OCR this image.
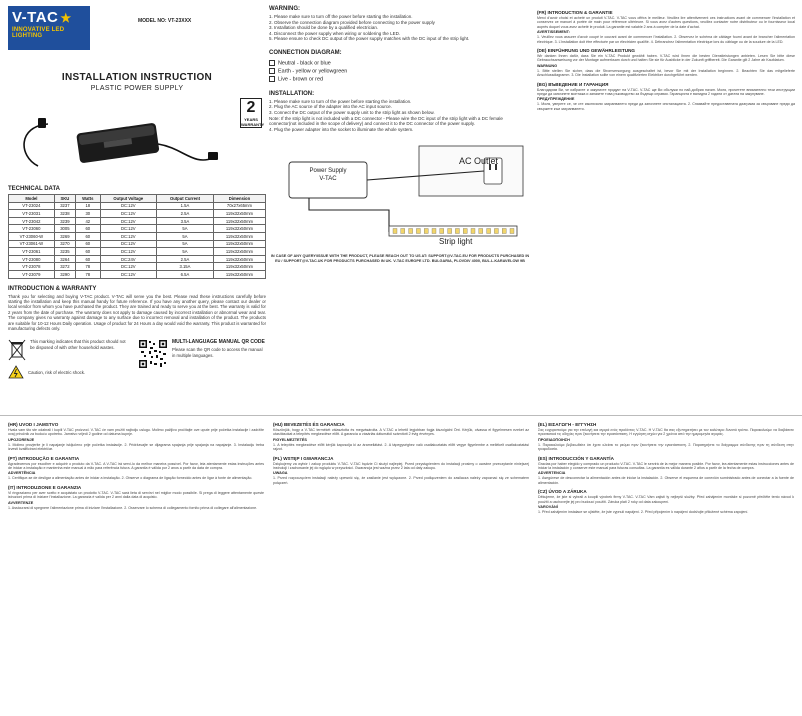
V-TAC ★
INNOVATIVE LED LIGHTING
MODEL NO: VT-23XXX
INSTALLATION INSTRUCTION
PLASTIC POWER SUPPLY
2
YEARS WARRANTY
TECHNICAL DATA
Model	SKU	Watts	Output Voltage	Output Current	Dimension
VT-23024	3237	18	DC:12V	1.5A	70x27x65mm
VT-23031	3238	30	DC:12V	2.5A	119x32x50mm
VT-23042	3239	42	DC:12V	3.5A	119x32x50mm
VT-23060	3005	60	DC:12V	5A	119x32x50mm
VT-23060-W	3269	60	DC:12V	5A	119x32x50mm
VT-23061-W	3270	60	DC:12V	5A	119x32x50mm
VT-23061	3235	60	DC:12V	5A	119x32x50mm
VT-23080	3264	60	DC:24V	2.5A	119x32x50mm
VT-23078	3272	78	DC:12V	3.15A	119x32x50mm
VT-23079	3290	78	DC:12V	6.5A	119x32x50mm
INTRODUCTION & WARRANTY
Thank you for selecting and buying V-TAC product. V-TAC will serve you the best. Please read these instructions carefully before starting the installation and keep this manual handy for future reference. If you have any another query, please contact our dealer or local vendor from whom you have purchased the product. They are trained and ready to serve you at the best. The warranty is valid for 2 years from the date of purchase. The warranty does not apply to damage caused by incorrect installation or abnormal wear and tear. The company gives no warranty against damage to any surface due to incorrect removal and installation of the product. The products are suitable for 10-12 Hours Daily operation. Usage of product for 24 Hours a day would void the warranty. This product is warranted for manufacturing defects only.
This marking indicates that this product should not be disposed of with other household wastes.
Caution, risk of electric shock.
MULTI-LANGUAGE MANUAL QR CODE
Please scan the QR code to access the manual in multiple languages.
WARNING:
1. Please make sure to turn off the power before starting the installation.
2. Observe the connection diagram provided before connecting to the power supply
3. Installation should be done by a qualified electrician.
4. Disconnect the power supply when wiring or soldering the LED.
5. Please ensure to check DC output of the power supply matches with the DC input of the strip light.
CONNECTION DIAGRAM:
Neutral - black or blue
Earth - yellow or yellowgreen
Live - brown or red
INSTALLATION:
1. Please make sure to turn of the power before starting the installation.
2. Plug the AC source of the adapter into the AC input source.
3. Connect the DC output of the power supply unit to the strip light as shown below.
Note: If the strip light is not included with a DC connector - Please wire the DC input of the strip light with a DC female connector(not included in the scope of delivery) and connect it to the DC connector of the power supply.
4. Plug the power adapter into the socket to illuminate the whole system.
AC Outlet
Power Supply
V-TAC
Strip light
IN CASE OF ANY QUERY/ISSUE WITH THE PRODUCT, PLEASE REACH OUT TO US AT: SUPPORT@V-TAC.EU FOR PRODUCTS PURCHASED IN EU / SUPPORT@V-TAC.UK FOR PRODUCTS PURCHASED IN UK. V-TAC EUROPE LTD. BULGARIA, PLOVDIV 4000, BUL.L.KARAVELOW 9B
(FR) INTRODUCTION & GARANTIE
Merci d'avoir choisi et acheté un produit V-TAC. V-TAC vous offrira le meilleur. Veuillez lire attentivement ces instructions avant de commencer l'installation et conservez ce manuel à portée de main pour référence ultérieure. Si vous avez d'autres questions, veuillez contacter notre distributeur ou le fournisseur local auprès duquel vous avez acheté le produit. La garantie est valable 2 ans à compter de la date d'achat.
AVERTISSEMENT:
1. Veuillez vous assurer d'avoir coupé le courant avant de commencer l'installation. 2. Observez le schéma de câblage fourni avant de brancher l'alimentation électrique. 3. L'installation doit être effectuée par un électricien qualifié. 4. Débranchez l'alimentation électrique lors du câblage ou de la soudure de la LED.
(DE) EINFÜHRUNG UND GEWÄHRLEISTUNG
Wir danken Ihnen dafür, dass Sie ein V-TAC Produkt gewählt haben. V-TAC wird Ihnen die besten Dienstleistungen anbieten. Lesen Sie bitte diese Gebrauchsanweisung vor der Montage aufmerksam durch und halten Sie sie für Ausblicke in der Zukunft griffbereit. Die Garantie gilt 2 Jahre ab Kaufdatum.
WARNUNG
1. Bitte stellen Sie sicher, dass die Stromversorgung ausgeschaltet ist, bevor Sie mit der Installation beginnen. 2. Beachten Sie das mitgelieferte Anschlussdiagramm. 3. Die Installation sollte von einem qualifizierten Elektriker durchgeführt werden.
(BG) ВЪВЕДЕНИЕ И ГАРАНЦИЯ
Благодарим Ви, че избрахте и закупихте продукт на V-TAC. V-TAC ще Ви обслужи по най-добрия начин. Моля, прочетете внимателно тези инструкции преди да започнете монтажа и запазете това ръководство за бъдещи справки. Гаранцията е валидна 2 години от датата на закупуване.
ПРЕДУПРЕЖДЕНИЕ
1. Моля, уверете се, че сте изключили захранването преди да започнете инсталацията. 2. Спазвайте предоставената диаграма за свързване преди да свържете към захранването.
(HR) UVOD I JAMSTVO
Hvala vam što ste odabrali i kupili V-TAC proizvod. V-TAC će vam pružiti najbolju uslugu. Molimo pažljivo pročitajte ove upute prije početka instalacije i zadržite ovaj priručnik za buduću upotrebu. Jamstvo vrijedi 2 godine od datuma kupnje.
UPOZORENJE
1. Molimo provjerite je li napajanje isključeno prije početka instalacije. 2. Pridržavajte se dijagrama spajanja prije spajanja na napajanje. 3. Instalaciju treba izvesti kvalificirani električar.
(PT) INTRODUÇÃO E GARANTIA
Agradecemos por escolher e adquirir o produto da V-TAC. A V-TAC irá servi-lo da melhor maneira possível. Por favor, leia atentamente estas instruções antes de iniciar a instalação e mantenha este manual à mão para referência futura. A garantia é válida por 2 anos a partir da data de compra.
ADVERTÊNCIA
1. Certifique-se de desligar a alimentação antes de iniciar a instalação. 2. Observe o diagrama de ligação fornecido antes de ligar à fonte de alimentação.
(IT) INTRODUZIONE E GARANZIA
Vi ringraziamo per aver scelto e acquistato un prodotto V-TAC. V-TAC sarà lieta di servirvi nel miglior modo possibile. Si prega di leggere attentamente queste istruzioni prima di iniziare l'installazione. La garanzia è valida per 2 anni dalla data di acquisto.
AVVERTENZE
1. Assicurarsi di spegnere l'alimentazione prima di iniziare l'installazione. 2. Osservare lo schema di collegamento fornito prima di collegare all'alimentazione.
(HU) BEVEZETÉS ÉS GARANCIA
Köszönjük, hogy a V-TAC termékét választotta és megvásárolta. A V-TAC a lehető legjobban fogja kiszolgálni Önt. Kérjük, olvassa el figyelmesen ezeket az utasításokat a telepítés megkezdése előtt. A garancia a vásárlás dátumától számított 2 évig érvényes.
FIGYELMEZTETÉS
1. A telepítés megkezdése előtt kérjük kapcsolja ki az áramellátást. 2. A tápegységhez való csatlakoztatás előtt vegye figyelembe a mellékelt csatlakoztatási rajzot.
(PL) WSTĘP I GWARANCJA
Dziękujemy za wybór i zakup produktu V-TAC. V-TAC będzie Ci służył najlepiej. Przed przystąpieniem do instalacji prosimy o uważne przeczytanie niniejszej instrukcji i zachowanie jej do wglądu w przyszłości. Gwarancja jest ważna przez 2 lata od daty zakupu.
UWAGA
1. Przed rozpoczęciem instalacji należy upewnić się, że zasilanie jest wyłączone. 2. Przed podłączeniem do zasilacza należy zapoznać się ze schematem połączeń.
(EL) ΕΙΣΑΓΩΓΗ - ΕΓΓΥΗΣΗ
Σας ευχαριστούμε για την επιλογή και αγορά ενός προϊόντος V-TAC. Η V-TAC θα σας εξυπηρετήσει με τον καλύτερο δυνατό τρόπο. Παρακαλούμε να διαβάσετε προσεκτικά τις οδηγίες πριν ξεκινήσετε την εγκατάσταση. Η εγγύηση ισχύει για 2 χρόνια από την ημερομηνία αγοράς.
ΠΡΟΕΙΔΟΠΟΙΗΣΗ
1. Παρακαλούμε βεβαιωθείτε ότι έχετε κλείσει το ρεύμα πριν ξεκινήσετε την εγκατάσταση. 2. Παρατηρήστε το διάγραμμα σύνδεσης πριν τη σύνδεση στην τροφοδοσία.
(ES) INTRODUCCIÓN Y GARANTÍA
Gracias por haber elegido y comprado un producto V-TAC. V-TAC le servirá de la mejor manera posible. Por favor, lea atentamente estas instrucciones antes de iniciar la instalación y conserve este manual para futuras consultas. La garantía es válida durante 2 años a partir de la fecha de compra.
ADVERTENCIA
1. Asegúrese de desconectar la alimentación antes de iniciar la instalación. 2. Observe el esquema de conexión suministrado antes de conectar a la fuente de alimentación.
(CZ) ÚVOD A ZÁRUKA
Děkujeme, že jste si vybrali a koupili výrobek firmy V-TAC. V-TAC Vám zajistí ty nejlepší služby. Před zahájením montáže si pozorně přečtěte tento návod k použití a uschovejte jej pro budoucí použití. Záruka platí 2 roky od data zakoupení.
VAROVÁNÍ
1. Před zahájením instalace se ujistěte, že jste vypnuli napájení. 2. Před připojením k napájení dodržujte přiložené schéma zapojení.
